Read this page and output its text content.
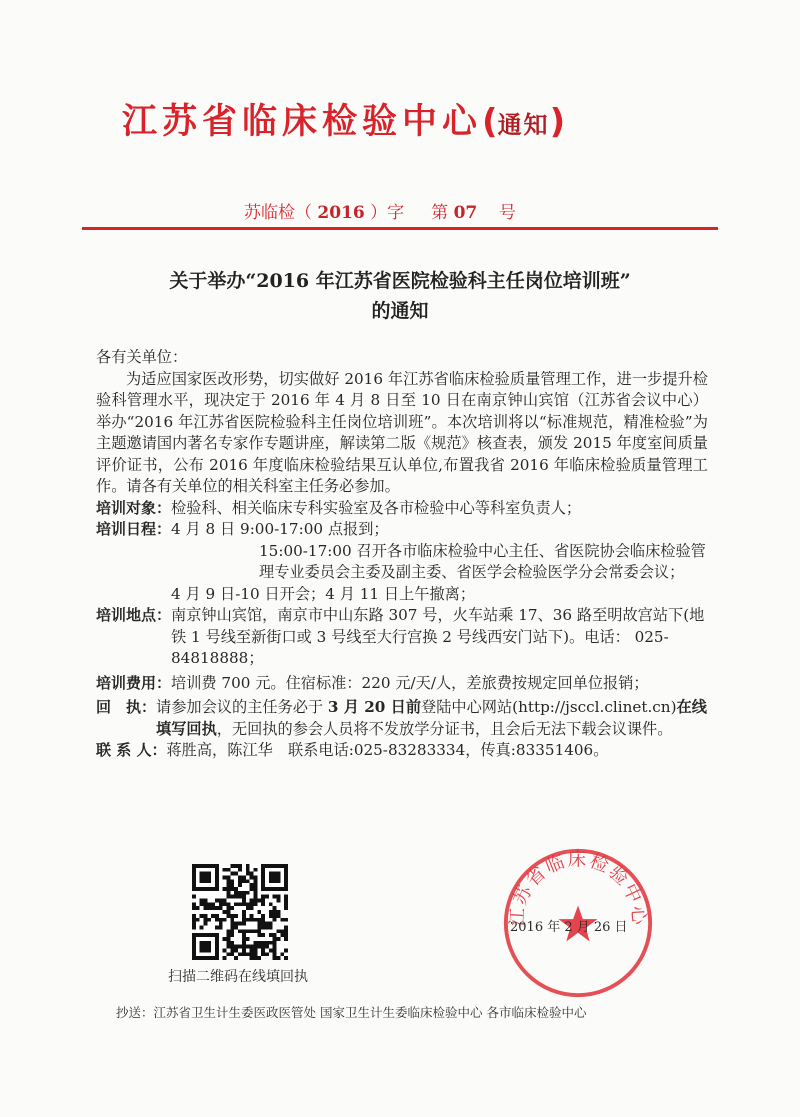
江苏省临床检验中心(通知)
苏临检（ 2016 ）字 第 07 号
关于举办“2016 年江苏省医院检验科主任岗位培训班”
的通知

各有关单位：

为适应国家医改形势，切实做好 2016 年江苏省临床检验质量管理工作，进一步提升检验科管理水平，现决定于 2016 年 4 月 8 日至 10 日在南京钟山宾馆（江苏省会议中心）举办“2016 年江苏省医院检验科主任岗位培训班”。本次培训将以“标准规范，精准检验”为主题邀请国内著名专家作专题讲座，解读第二版《规范》核查表，颁发 2015 年度室间质量评价证书，公布 2016 年度临床检验结果互认单位,布置我省 2016 年临床检验质量管理工作。请各有关单位的相关科室主任务必参加。

培训对象： 检验科、相关临床专科实验室及各市检验中心等科室负责人；
培训日程： 4 月 8 日 9:00-17:00 点报到；
15:00-17:00 召开各市临床检验中心主任、省医院协会临床检验管理专业委员会主委及副主委、省医学会检验医学分会常委会议；
4 月 9 日-10 日开会；4 月 11 日上午撤离；
培训地点： 南京钟山宾馆，南京市中山东路 307 号，火车站乘 17、36 路至明故宫站下(地铁 1 号线至新街口或 3 号线至大行宫换 2 号线西安门站下)。电话： 025-84818888；
培训费用： 培训费 700 元。住宿标准：220 元/天/人，差旅费按规定回单位报销；
回　执： 请参加会议的主任务必于 3 月 20 日前登陆中心网站(http://jsccl.clinet.cn)在线填写回执，无回执的参会人员将不发放学分证书，且会后无法下载会议课件。
联 系 人： 蒋胜高，陈江华　联系电话:025-83283334，传真:83351406。
扫描二维码在线填回执
江苏省临床检验中心
2016 年 2 月 26 日
抄送：江苏省卫生计生委医政医管处 国家卫生计生委临床检验中心 各市临床检验中心
